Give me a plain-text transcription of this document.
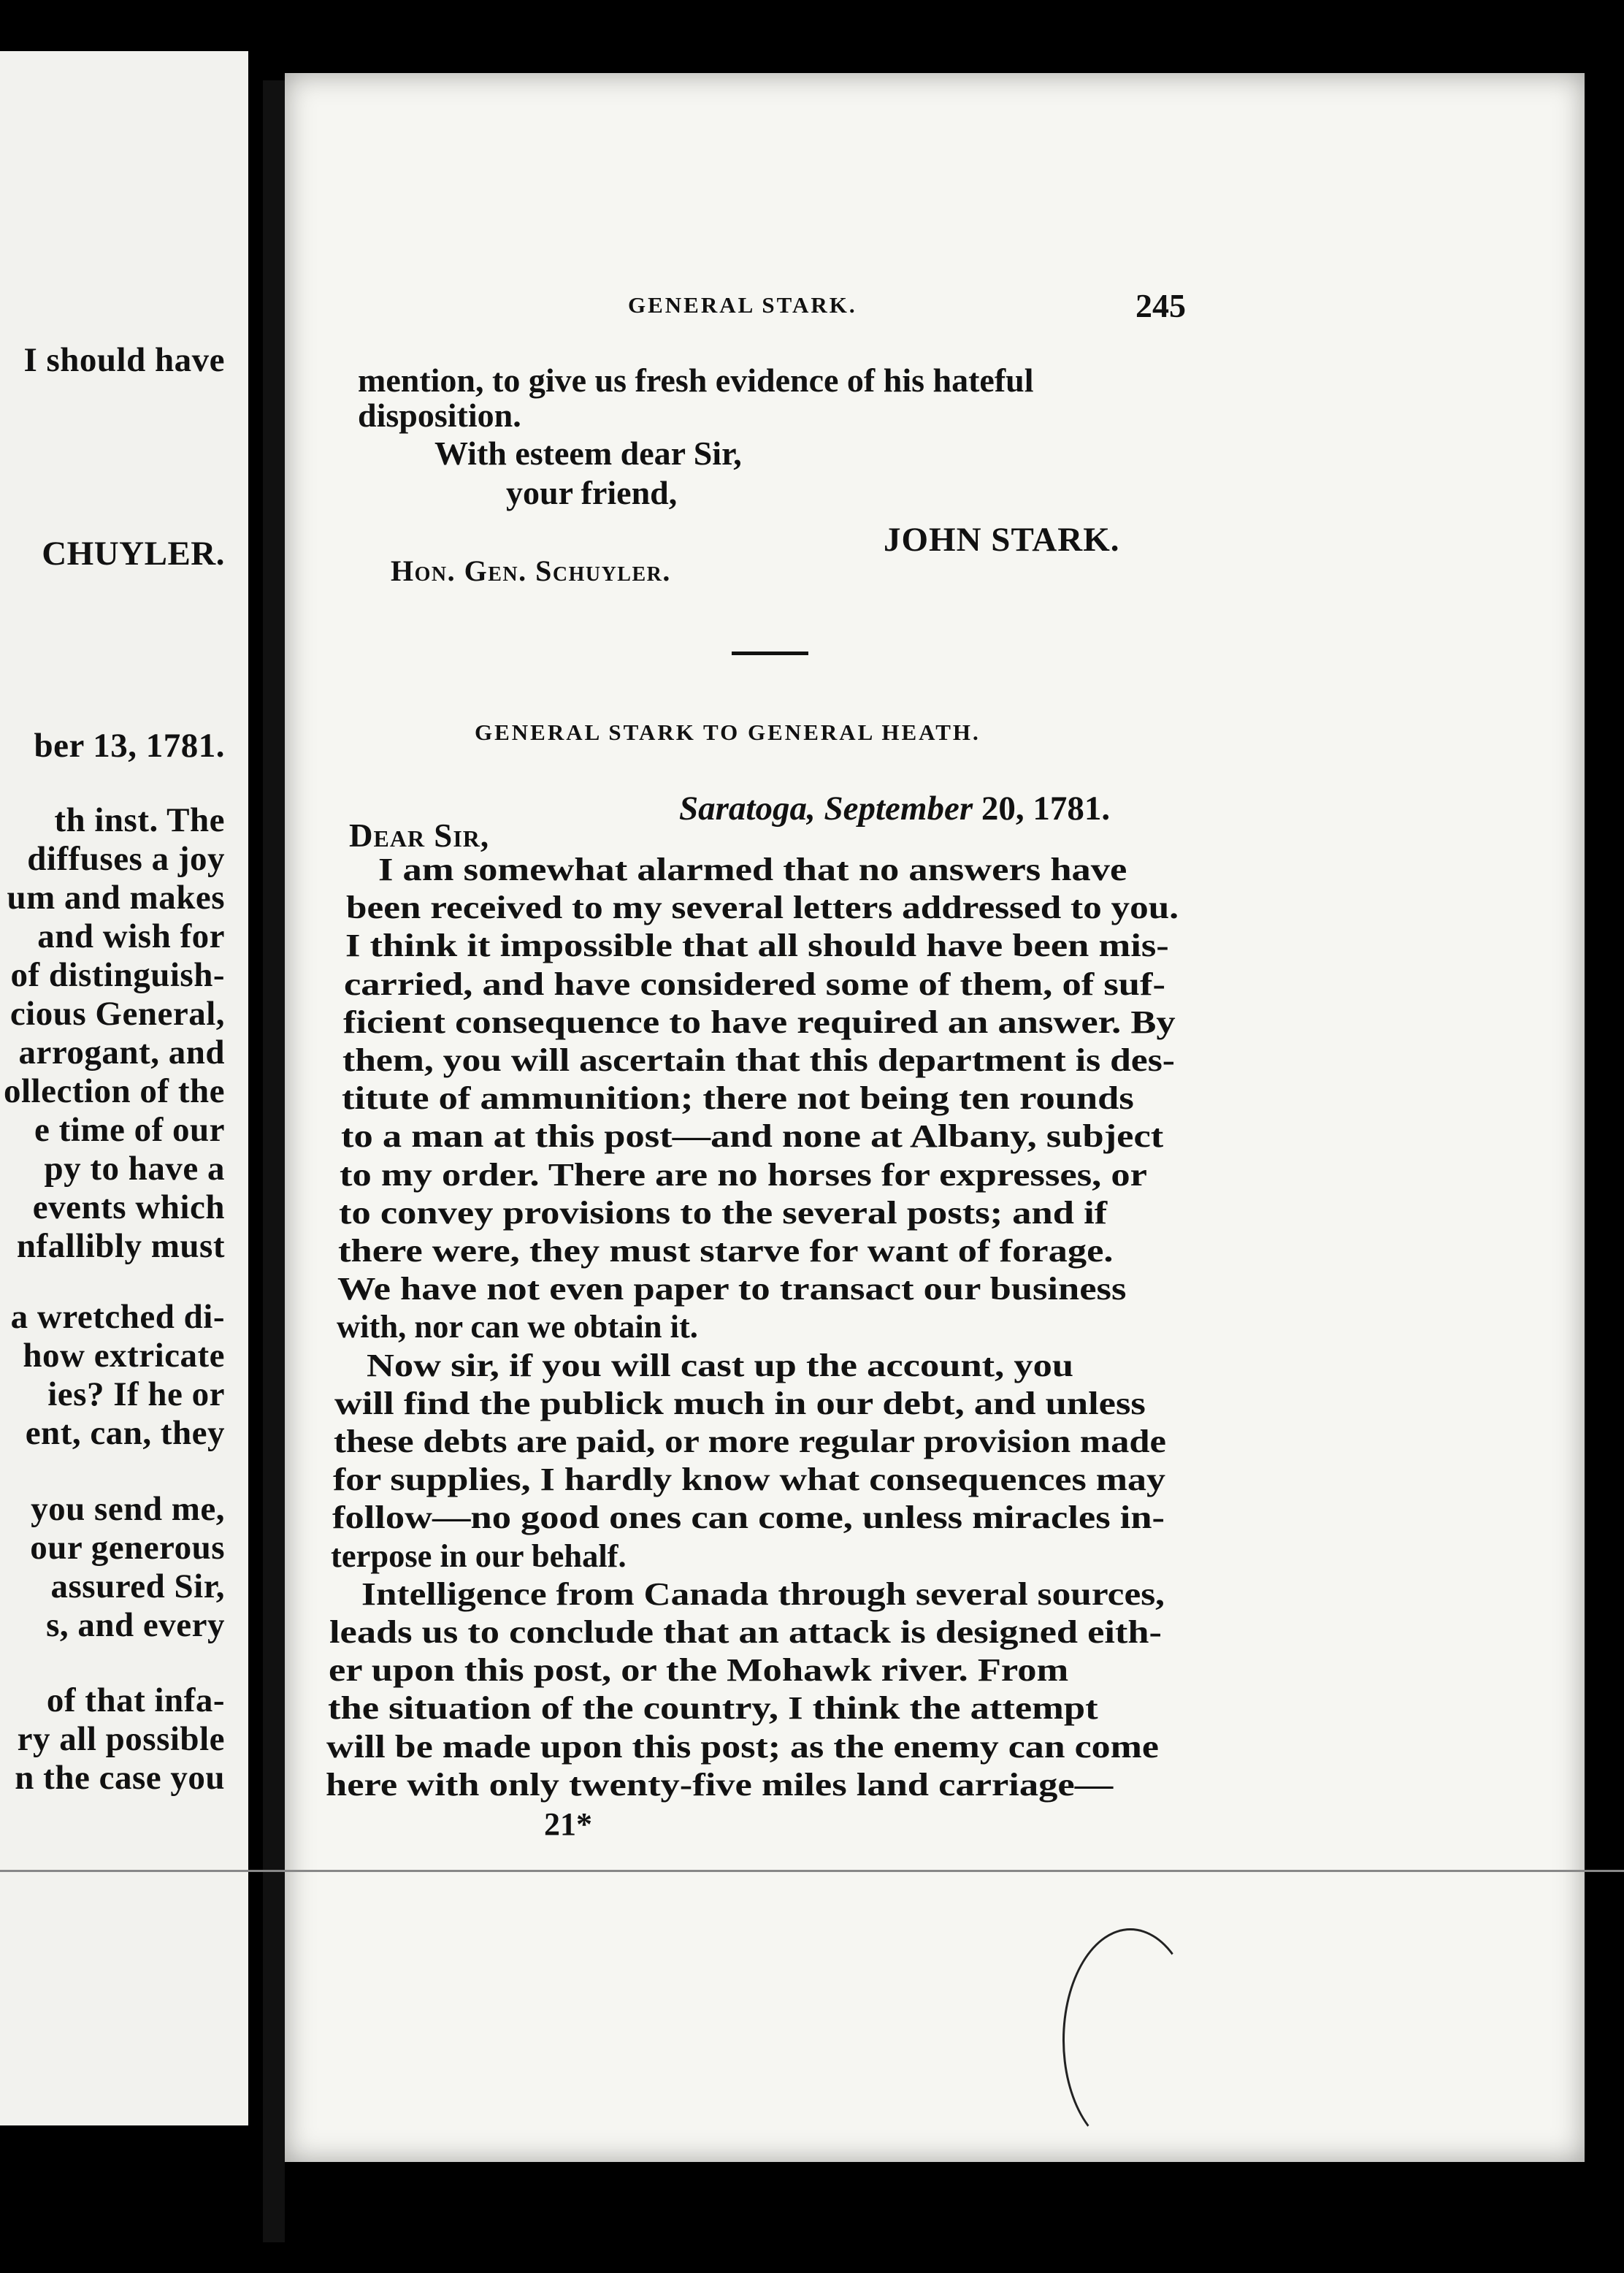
I should have
CHUYLER.
ber 13, 1781.
th inst. The
diffuses a joy
um and makes
and wish for
of distinguish-
cious General,
arrogant, and
ollection of the
e time of our
py to have a
events which
nfallibly must
a wretched di-
how extricate
ies? If he or
ent, can, they
you send me,
our generous
assured Sir,
s, and every
of that infa-
ry all possible
n the case you
GENERAL STARK.	245
mention, to give us fresh evidence of his hateful
disposition.
With esteem dear Sir,
your friend,
JOHN STARK.
Hon. Gen. Schuyler.
GENERAL STARK TO GENERAL HEATH.
Saratoga, September 20, 1781.
Dear Sir,
I am somewhat alarmed that no answers have
been received to my several letters addressed to you.
I think it impossible that all should have been mis-
carried, and have considered some of them, of suf-
ficient consequence to have required an answer. By
them, you will ascertain that this department is des-
titute of ammunition; there not being ten rounds
to a man at this post—and none at Albany, subject
to my order. There are no horses for expresses, or
to convey provisions to the several posts; and if
there were, they must starve for want of forage.
We have not even paper to transact our business
with, nor can we obtain it.
Now sir, if you will cast up the account, you
will find the publick much in our debt, and unless
these debts are paid, or more regular provision made
for supplies, I hardly know what consequences may
follow—no good ones can come, unless miracles in-
terpose in our behalf.
Intelligence from Canada through several sources,
leads us to conclude that an attack is designed eith-
er upon this post, or the Mohawk river. From
the situation of the country, I think the attempt
will be made upon this post; as the enemy can come
here with only twenty-five miles land carriage—
21*
